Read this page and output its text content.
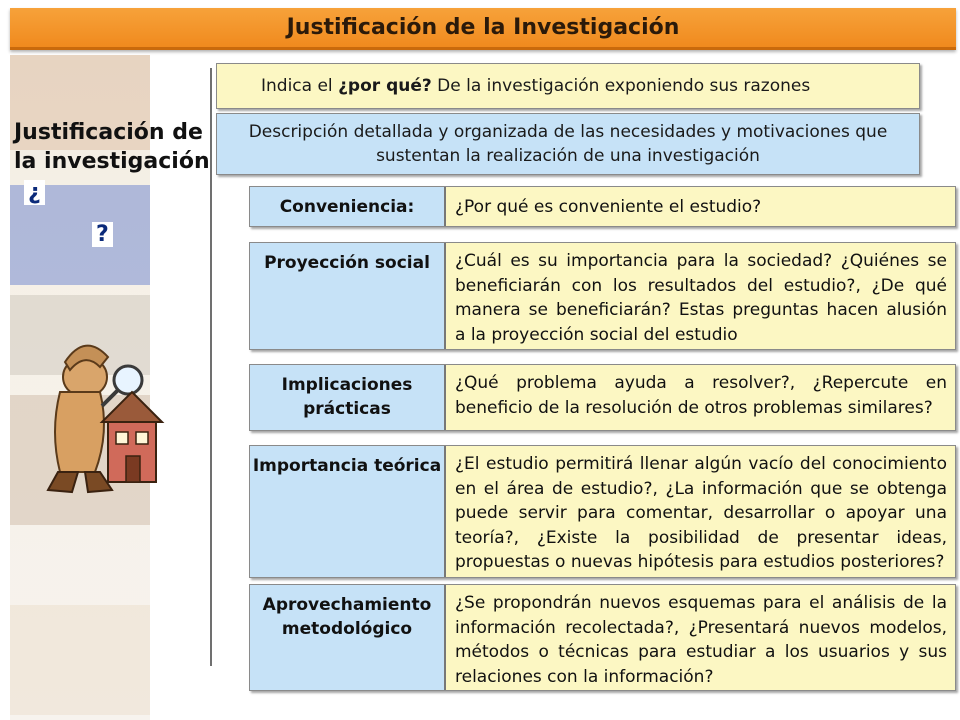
Justificación de la Investigación
Justificación de la investigación
¿
?
Indica el ¿por qué? De la investigación exponiendo sus razones
Descripción detallada y organizada de las necesidades y motivaciones que sustentan la realización de una investigación
Conveniencia:	¿Por qué es conveniente el estudio?
Proyección social	¿Cuál es su importancia para la sociedad? ¿Quiénes se beneficiarán con los resultados del estudio?, ¿De qué manera se beneficiarán? Estas preguntas hacen alusión a la proyección social del estudio
Implicaciones prácticas
¿Qué problema ayuda a resolver?, ¿Repercute en beneficio de la resolución de otros problemas similares?
Importancia teórica ¿El estudio permitirá llenar algún vacío del conocimiento en el área de estudio?, ¿La información que se obtenga puede servir para comentar, desarrollar o apoyar una teoría?, ¿Existe la posibilidad de presentar ideas, propuestas o nuevas hipótesis para estudios posteriores?
Aprovechamiento metodológico
¿Se propondrán nuevos esquemas para el análisis de la información recolectada?, ¿Presentará nuevos modelos, métodos o técnicas para estudiar a los usuarios y sus relaciones con la información?
